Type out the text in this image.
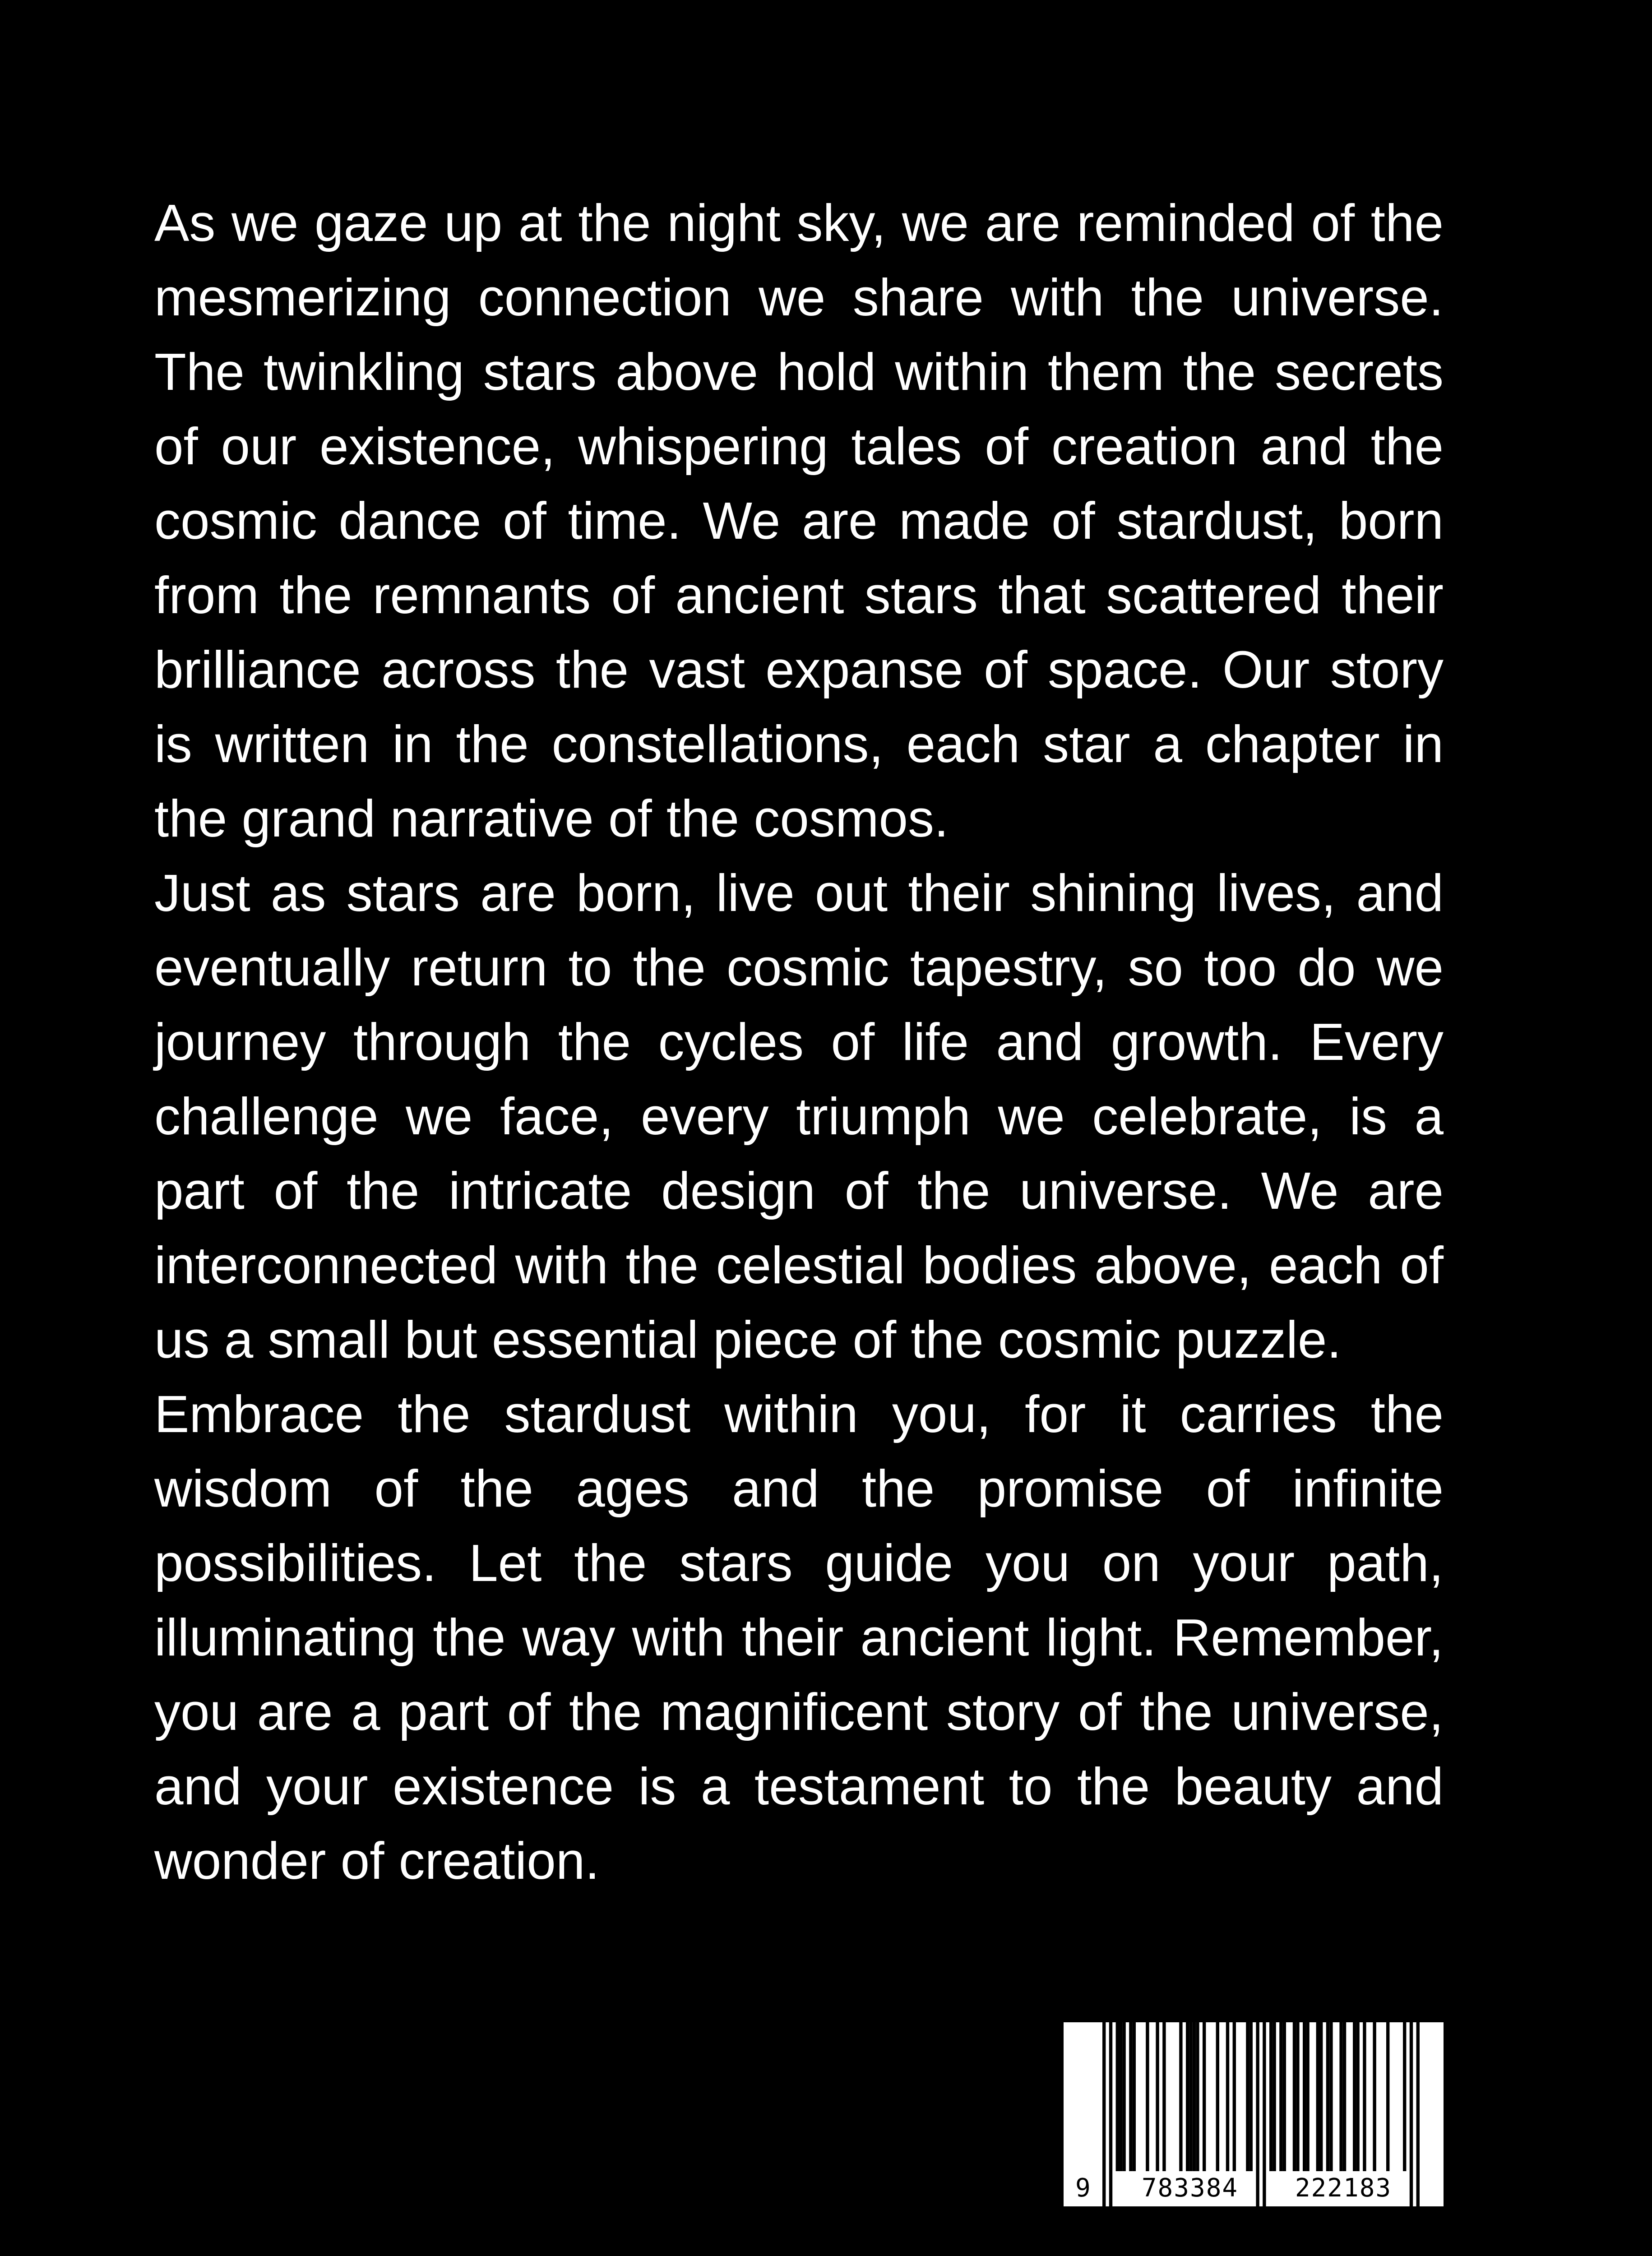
As we gaze up at the night sky, we are reminded of the mesmerizing connection we share with the universe. The twinkling stars above hold within them the secrets of our existence, whispering tales of creation and the cosmic dance of time. We are made of stardust, born from the remnants of ancient stars that scattered their brilliance across the vast expanse of space. Our story is written in the constellations, each star a chapter in the grand narrative of the cosmos.

Just as stars are born, live out their shining lives, and eventually return to the cosmic tapestry, so too do we journey through the cycles of life and growth. Every challenge we face, every triumph we celebrate, is a part of the intricate design of the universe. We are interconnected with the celestial bodies above, each of us a small but essential piece of the cosmic puzzle.

Embrace the stardust within you, for it carries the wisdom of the ages and the promise of infinite possibilities. Let the stars guide you on your path, illuminating the way with their ancient light. Remember, you are a part of the magnificent story of the universe, and your existence is a testament to the beauty and wonder of creation.

9	783384	222183
